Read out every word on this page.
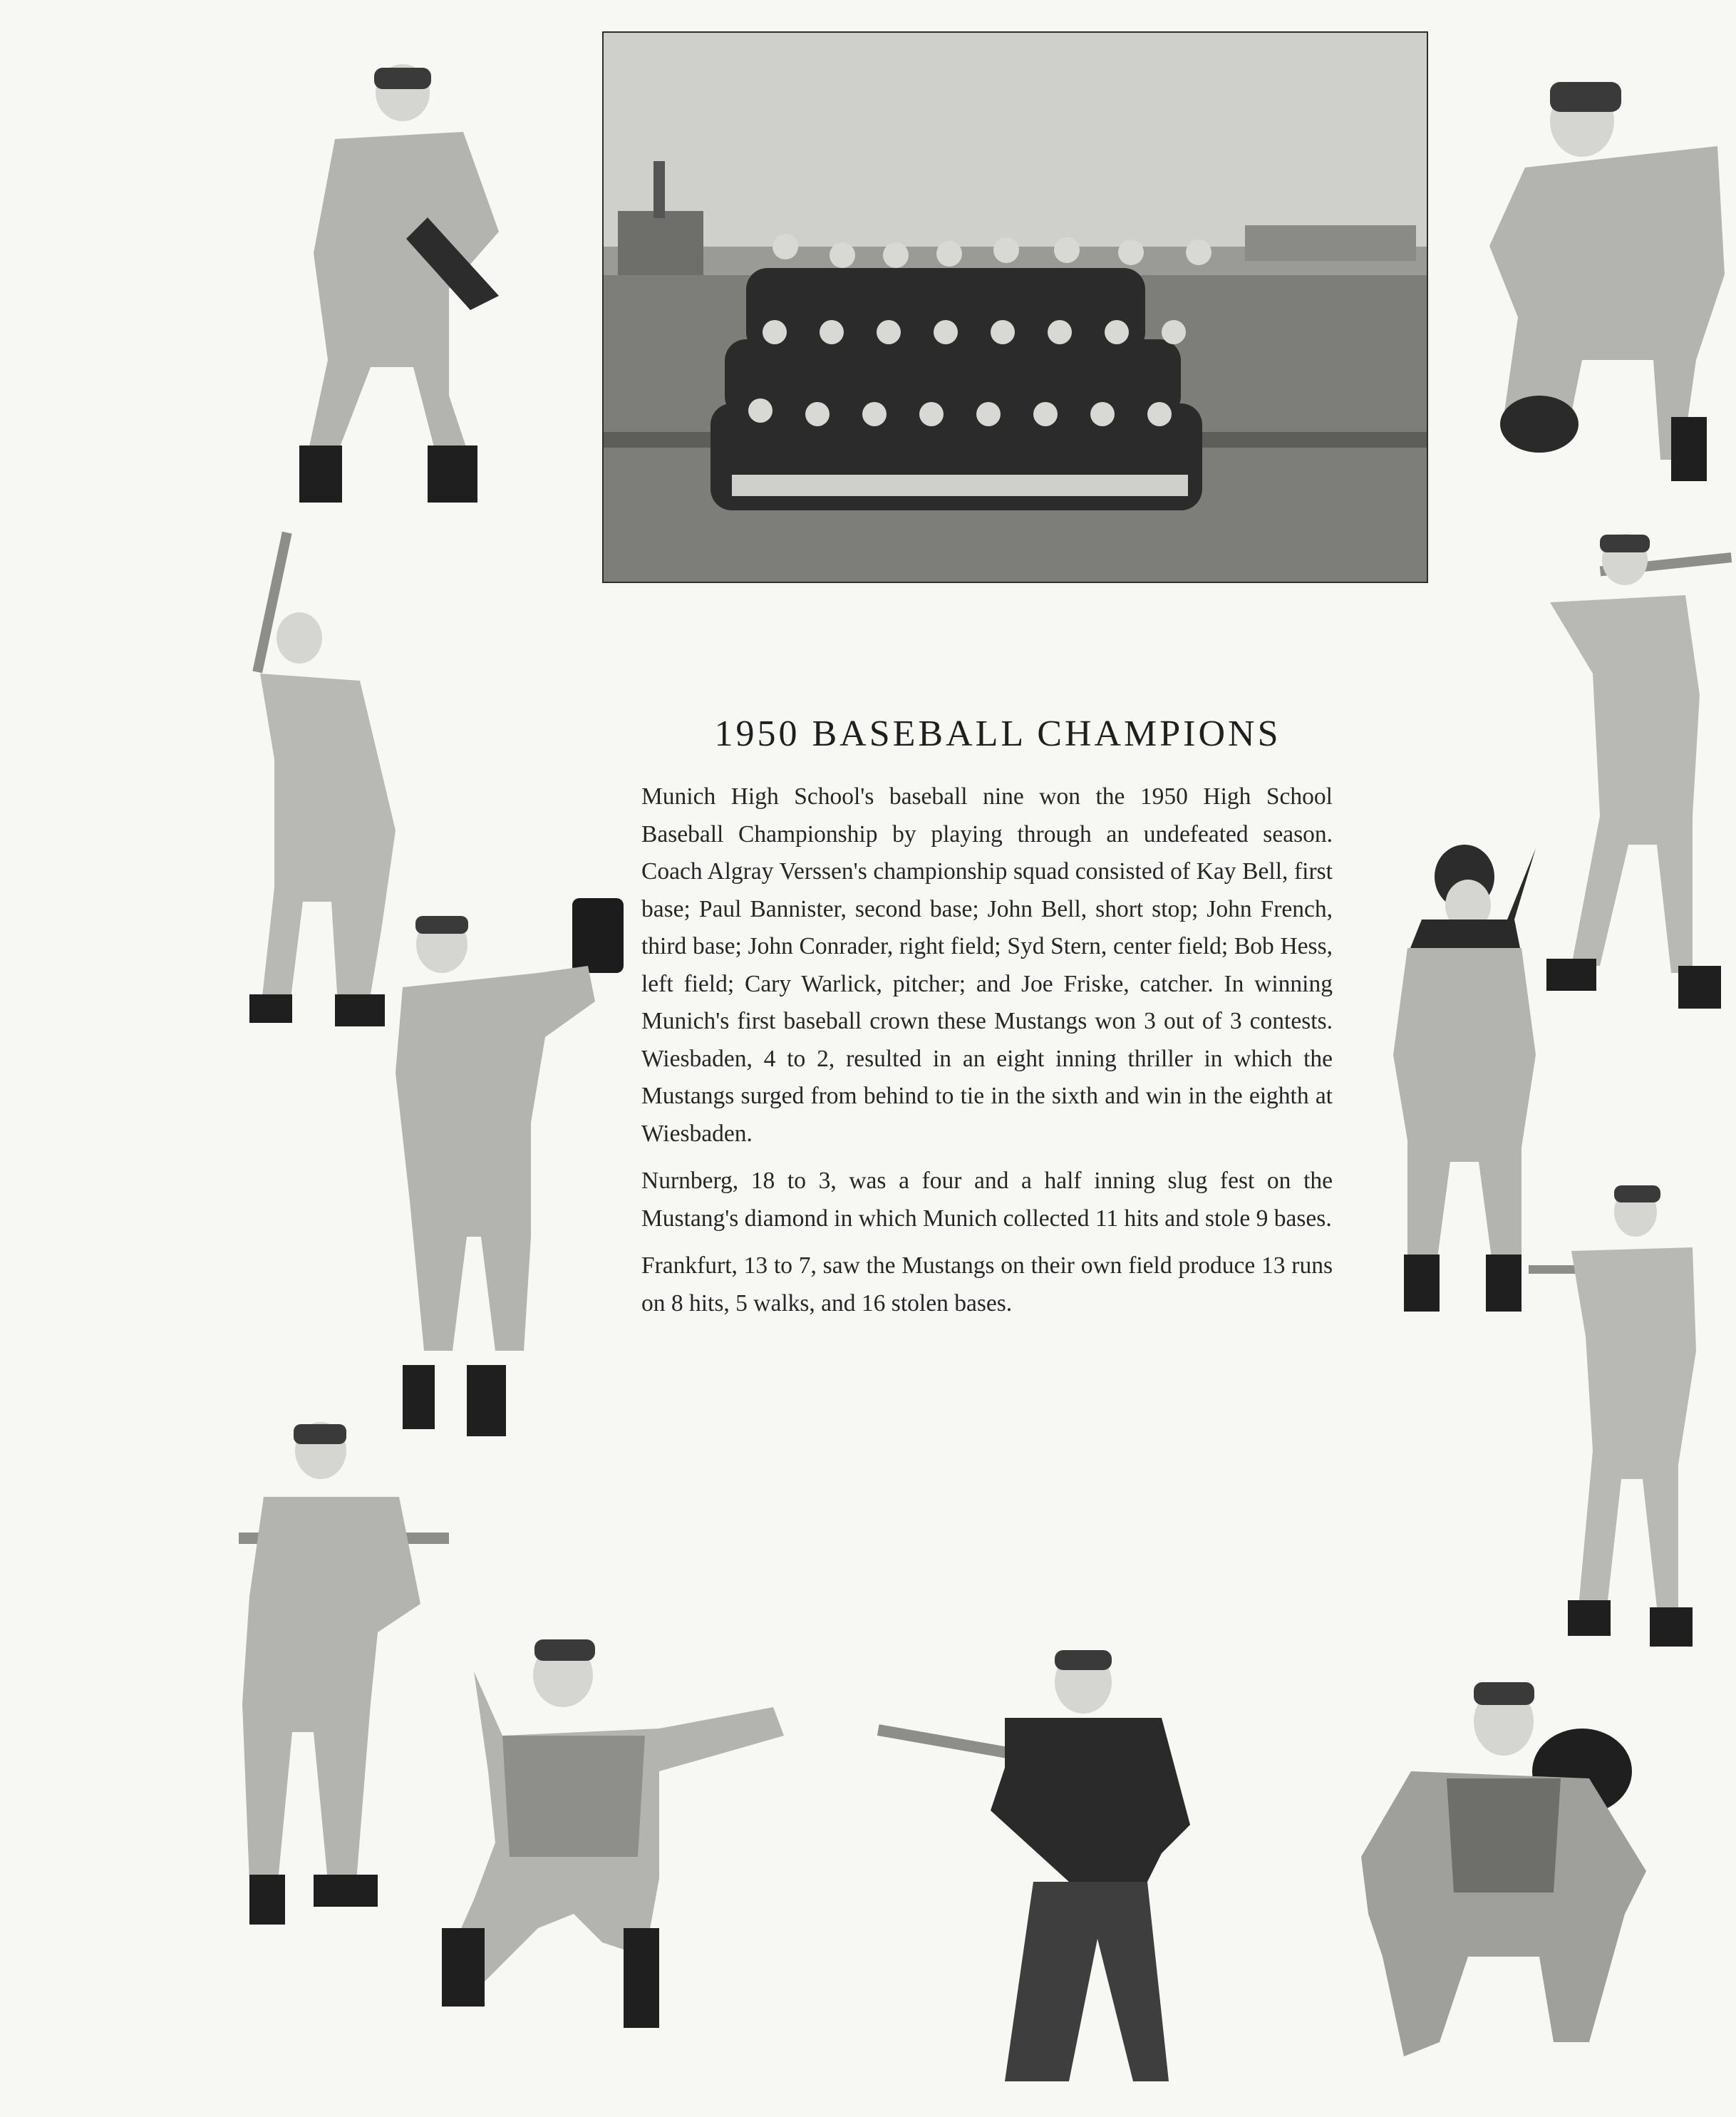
1950 BASEBALL CHAMPIONS

Munich High School's baseball nine won the 1950 High School Baseball Championship by playing through an undefeated season. Coach Algray Verssen's championship squad consisted of Kay Bell, first base; Paul Bannister, second base; John Bell, short stop; John French, third base; John Conrader, right field; Syd Stern, center field; Bob Hess, left field; Cary Warlick, pitcher; and Joe Friske, catcher. In winning Munich's first baseball crown these Mustangs won 3 out of 3 contests. Wiesbaden, 4 to 2, resulted in an eight inning thriller in which the Mustangs surged from behind to tie in the sixth and win in the eighth at Wiesbaden.

Nurnberg, 18 to 3, was a four and a half inning slug fest on the Mustang's diamond in which Munich collected 11 hits and stole 9 bases.

Frankfurt, 13 to 7, saw the Mustangs on their own field produce 13 runs on 8 hits, 5 walks, and 16 stolen bases.
